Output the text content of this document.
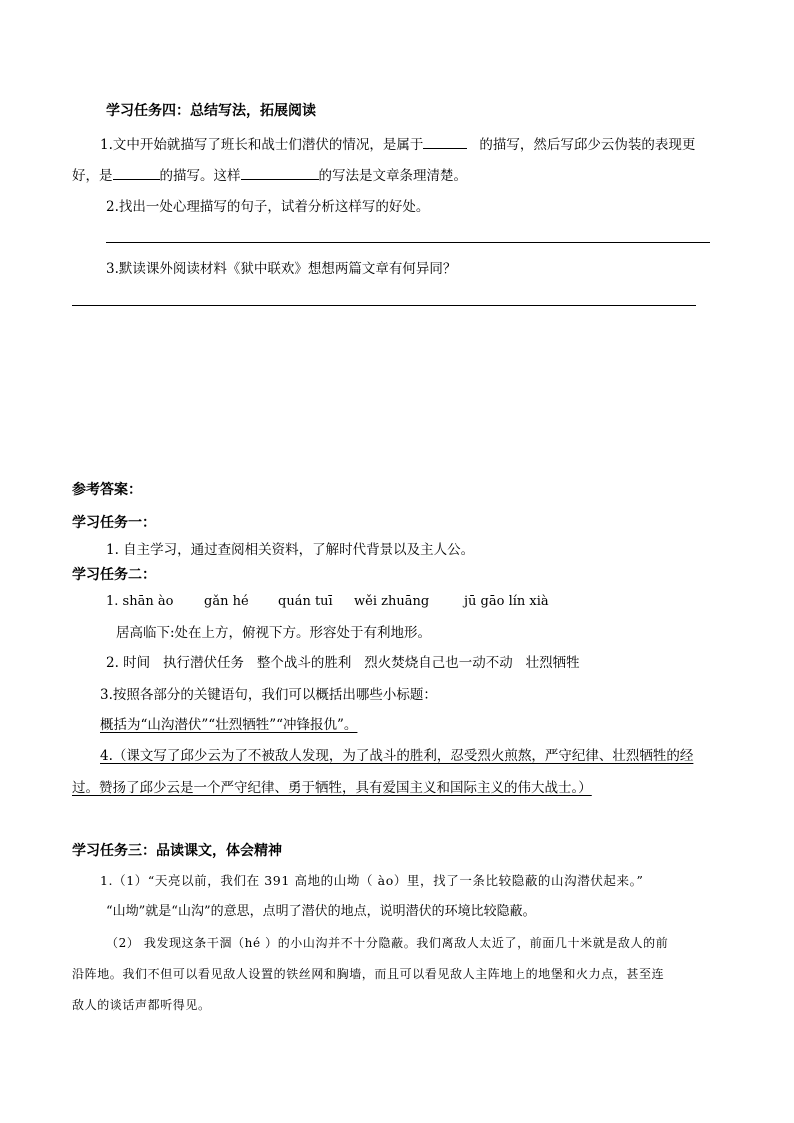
学习任务四：总结写法，拓展阅读
1.文中开始就描写了班长和战士们潜伏的情况，是属于	的描写，然后写邱少云伪装的表现更
好，是	的描写。这样	的写法是文章条理清楚。
2.找出一处心理描写的句子，试着分析这样写的好处。
3.默读课外阅读材料《狱中联欢》想想两篇文章有何异同？
参考答案：
学习任务一：
1. 自主学习，通过查阅相关资料，了解时代背景以及主人公。
学习任务二：
1. shān ào gǎn hé quán tuī wěi zhuāng	jū gāo lín xià
居高临下:处在上方，俯视下方。形容处于有利地形。
2. 时间   执行潜伏任务   整个战斗的胜利   烈火焚烧自己也一动不动   壮烈牺牲
3.按照各部分的关键语句，我们可以概括出哪些小标题：
概括为“山沟潜伏”“壮烈牺牲”“冲锋报仇”。
4.（课文写了邱少云为了不被敌人发现，为了战斗的胜利，忍受烈火煎熬，严守纪律、壮烈牺牲的经
过。赞扬了邱少云是一个严守纪律、勇于牺牲，具有爱国主义和国际主义的伟大战士。）
学习任务三：品读课文，体会精神
1.（1）“天亮以前，我们在 391 高地的山坳（ ào）里，找了一条比较隐蔽的山沟潜伏起来。”
“山坳”就是“山沟”的意思，点明了潜伏的地点，说明潜伏的环境比较隐蔽。
（2） 我发现这条干涸（hé ）的小山沟并不十分隐蔽。我们离敌人太近了，前面几十米就是敌人的前
沿阵地。我们不但可以看见敌人设置的铁丝网和胸墙，而且可以看见敌人主阵地上的地堡和火力点，甚至连
敌人的谈话声都听得见。
